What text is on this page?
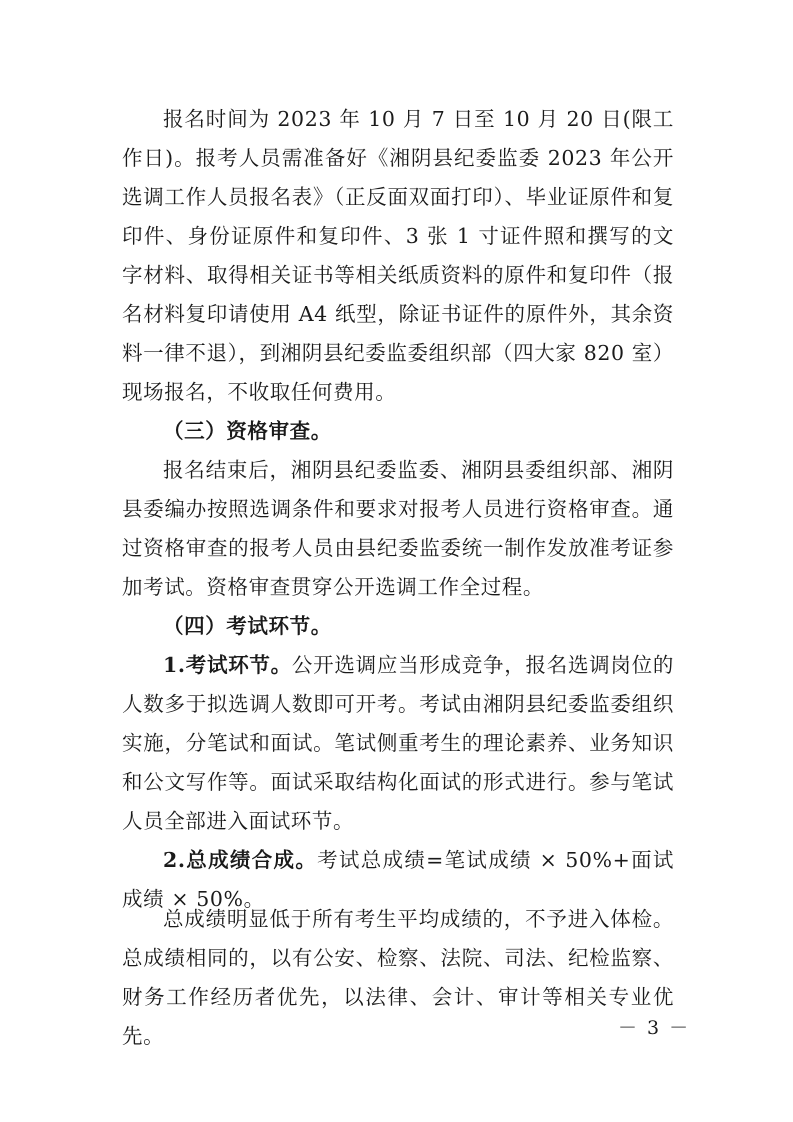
报名时间为 2023 年 10 月 7 日至 10 月 20 日(限工作日)。报考人员需准备好《湘阴县纪委监委 2023 年公开选调工作人员报名表》（正反面双面打印）、毕业证原件和复印件、身份证原件和复印件、3 张 1 寸证件照和撰写的文字材料、取得相关证书等相关纸质资料的原件和复印件（报名材料复印请使用 A4 纸型，除证书证件的原件外，其余资料一律不退），到湘阴县纪委监委组织部（四大家 820 室）现场报名，不收取任何费用。

（三）资格审查。

报名结束后，湘阴县纪委监委、湘阴县委组织部、湘阴县委编办按照选调条件和要求对报考人员进行资格审查。通过资格审查的报考人员由县纪委监委统一制作发放准考证参加考试。资格审查贯穿公开选调工作全过程。

（四）考试环节。

1.考试环节。公开选调应当形成竞争，报名选调岗位的人数多于拟选调人数即可开考。考试由湘阴县纪委监委组织实施，分笔试和面试。笔试侧重考生的理论素养、业务知识和公文写作等。面试采取结构化面试的形式进行。参与笔试人员全部进入面试环节。

2.总成绩合成。考试总成绩=笔试成绩 × 50%+面试成绩 × 50%。

总成绩明显低于所有考生平均成绩的，不予进入体检。总成绩相同的，以有公安、检察、法院、司法、纪检监察、财务工作经历者优先，以法律、会计、审计等相关专业优先。	－ 3 －
